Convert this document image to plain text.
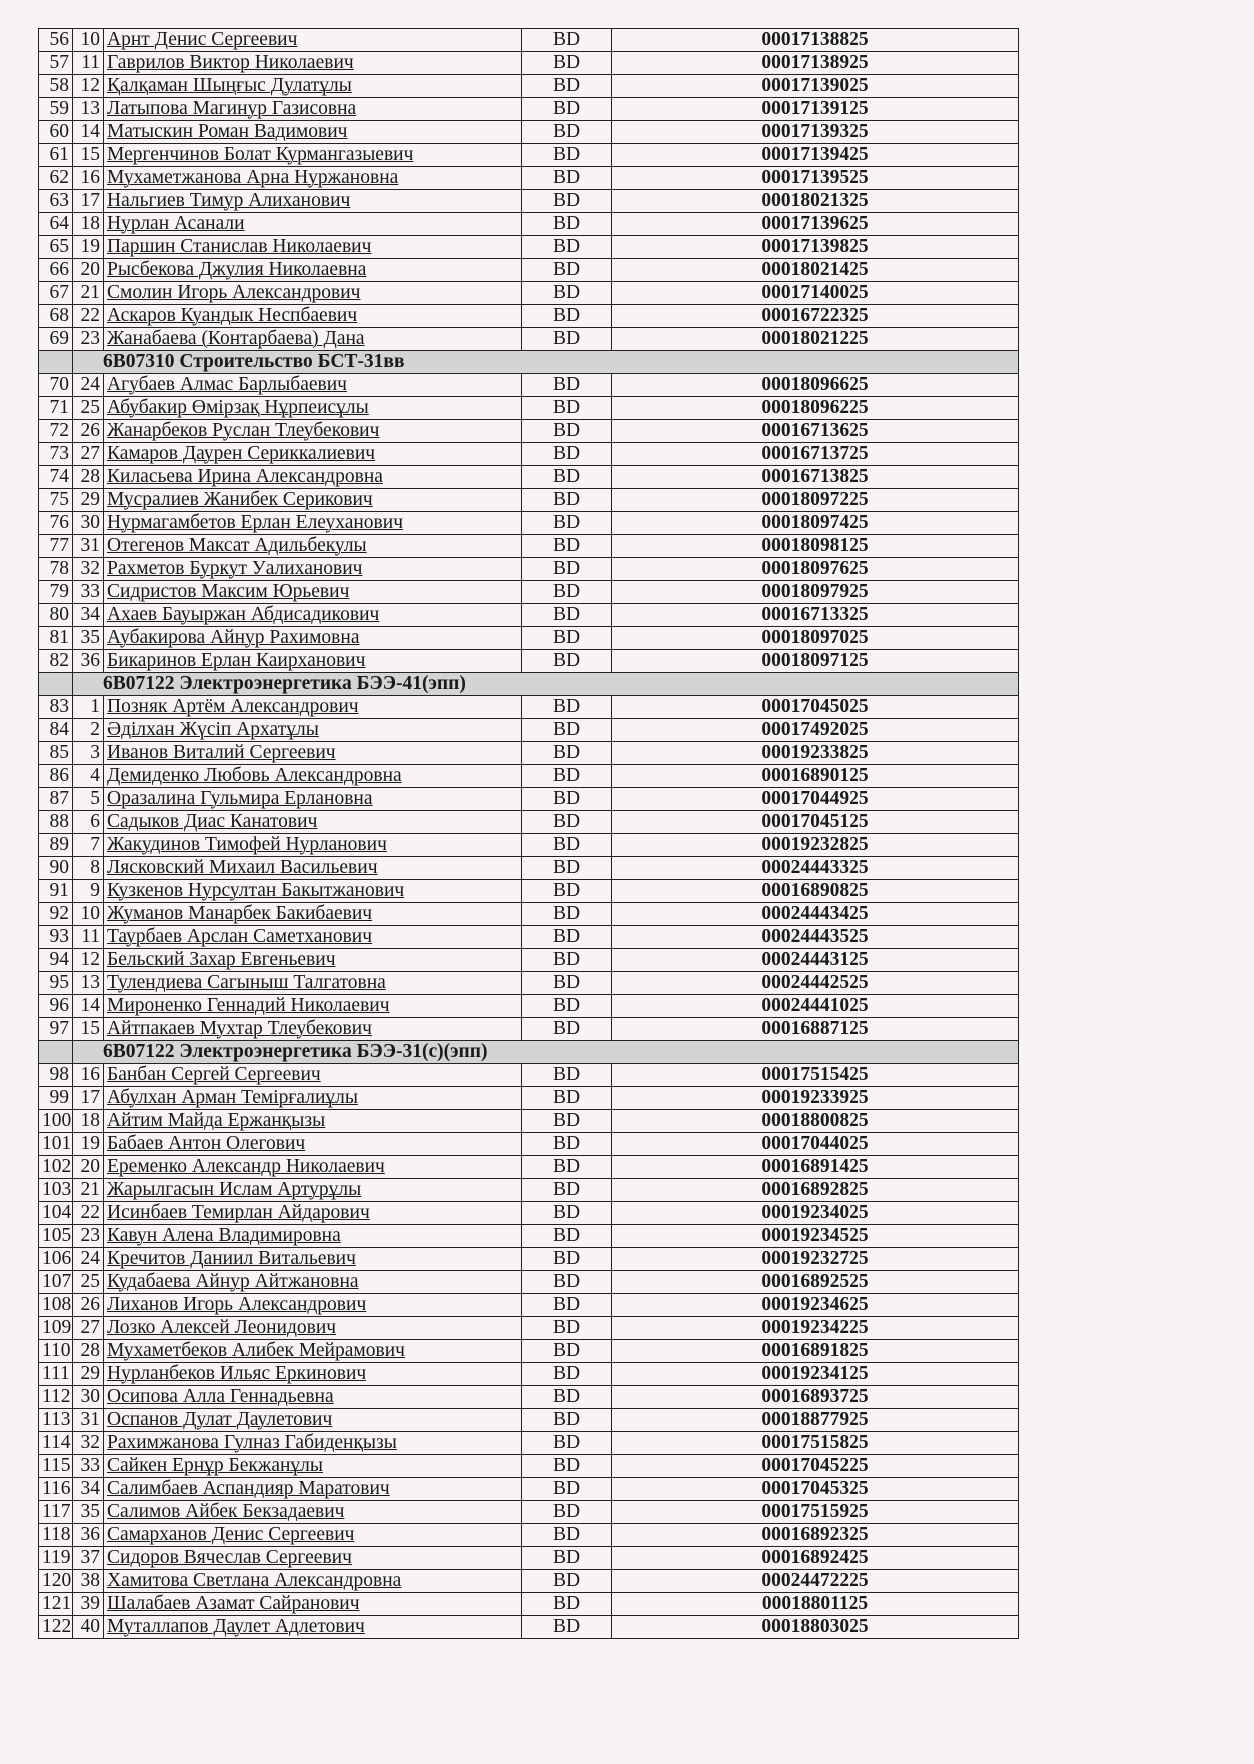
56	10	Арнт Денис Сергеевич	BD	00017138825
57	11	Гаврилов Виктор Николаевич	BD	00017138925
58	12	Қалқаман Шыңғыс Дулатұлы	BD	00017139025
59	13	Латыпова Магинур Газисовна	BD	00017139125
60	14	Матыскин Роман Вадимович	BD	00017139325
61	15	Мергенчинов Болат Курмангазыевич	BD	00017139425
62	16	Мухаметжанова Арна Нуржановна	BD	00017139525
63	17	Нальгиев Тимур Алиханович	BD	00018021325
64	18	Нурлан Асанали	BD	00017139625
65	19	Паршин Станислав Николаевич	BD	00017139825
66	20	Рысбекова Джулия Николаевна	BD	00018021425
67	21	Смолин Игорь Александрович	BD	00017140025
68	22	Аскаров Куандык Неспбаевич	BD	00016722325
69	23	Жанабаева (Контарбаева) Дана	BD	00018021225
	6В07310 Строительство БСТ-31вв			
70	24	Агубаев Алмас Барлыбаевич	BD	00018096625
71	25	Абубакир Өмірзақ Нұрпеисұлы	BD	00018096225
72	26	Жанарбеков Руслан Тлеубекович	BD	00016713625
73	27	Камаров Даурен Сериккалиевич	BD	00016713725
74	28	Киласьева Ирина Александровна	BD	00016713825
75	29	Мусралиев Жанибек Серикович	BD	00018097225
76	30	Нурмагамбетов Ерлан Елеуханович	BD	00018097425
77	31	Отегенов Максат Адильбекулы	BD	00018098125
78	32	Рахметов Буркут Уалиханович	BD	00018097625
79	33	Сидристов Максим Юрьевич	BD	00018097925
80	34	Ахаев Бауыржан Абдисадикович	BD	00016713325
81	35	Аубакирова Айнур Рахимовна	BD	00018097025
82	36	Бикаринов Ерлан Каирханович	BD	00018097125
	6В07122 Электроэнергетика БЭЭ-41(эпп)			
83	1	Позняк Артём Александрович	BD	00017045025
84	2	Әділхан Жүсіп Архатұлы	BD	00017492025
85	3	Иванов Виталий Сергеевич	BD	00019233825
86	4	Демиденко Любовь Александровна	BD	00016890125
87	5	Оразалина Гульмира Ерлановна	BD	00017044925
88	6	Садыков Диас Канатович	BD	00017045125
89	7	Жакудинов Тимофей Нурланович	BD	00019232825
90	8	Лясковский Михаил Васильевич	BD	00024443325
91	9	Кузкенов Нурсултан Бакытжанович	BD	00016890825
92	10	Жуманов Манарбек Бакибаевич	BD	00024443425
93	11	Таурбаев Арслан Саметханович	BD	00024443525
94	12	Бельский Захар Евгеньевич	BD	00024443125
95	13	Тулендиева Сагыныш Талгатовна	BD	00024442525
96	14	Мироненко Геннадий Николаевич	BD	00024441025
97	15	Айтпакаев Мухтар Тлеубекович	BD	00016887125
	6В07122 Электроэнергетика БЭЭ-31(с)(эпп)			
98	16	Банбан Сергей Сергеевич	BD	00017515425
99	17	Абулхан Арман Темірғалиұлы	BD	00019233925
100	18	Айтим Майда Ержанқызы	BD	00018800825
101	19	Бабаев Антон Олегович	BD	00017044025
102	20	Еременко Александр Николаевич	BD	00016891425
103	21	Жарылгасын Ислам Артурұлы	BD	00016892825
104	22	Исинбаев Темирлан Айдарович	BD	00019234025
105	23	Кавун Алена Владимировна	BD	00019234525
106	24	Кречитов Даниил Витальевич	BD	00019232725
107	25	Кудабаева Айнур Айтжановна	BD	00016892525
108	26	Лиханов Игорь Александрович	BD	00019234625
109	27	Лозко Алексей Леонидович	BD	00019234225
110	28	Мухаметбеков Алибек Мейрамович	BD	00016891825
111	29	Нурланбеков Ильяс Еркинович	BD	00019234125
112	30	Осипова Алла Геннадьевна	BD	00016893725
113	31	Оспанов Дулат Даулетович	BD	00018877925
114	32	Рахимжанова Гулназ Габиденқызы	BD	00017515825
115	33	Сайкен Ернұр Бекжанұлы	BD	00017045225
116	34	Салимбаев Аспандияр Маратович	BD	00017045325
117	35	Салимов Айбек Бекзадаевич	BD	00017515925
118	36	Самарханов Денис Сергеевич	BD	00016892325
119	37	Сидоров Вячеслав Сергеевич	BD	00016892425
120	38	Хамитова Светлана Александровна	BD	00024472225
121	39	Шалабаев Азамат Сайранович	BD	00018801125
122	40	Муталлапов Даулет Адлетович	BD	00018803025
